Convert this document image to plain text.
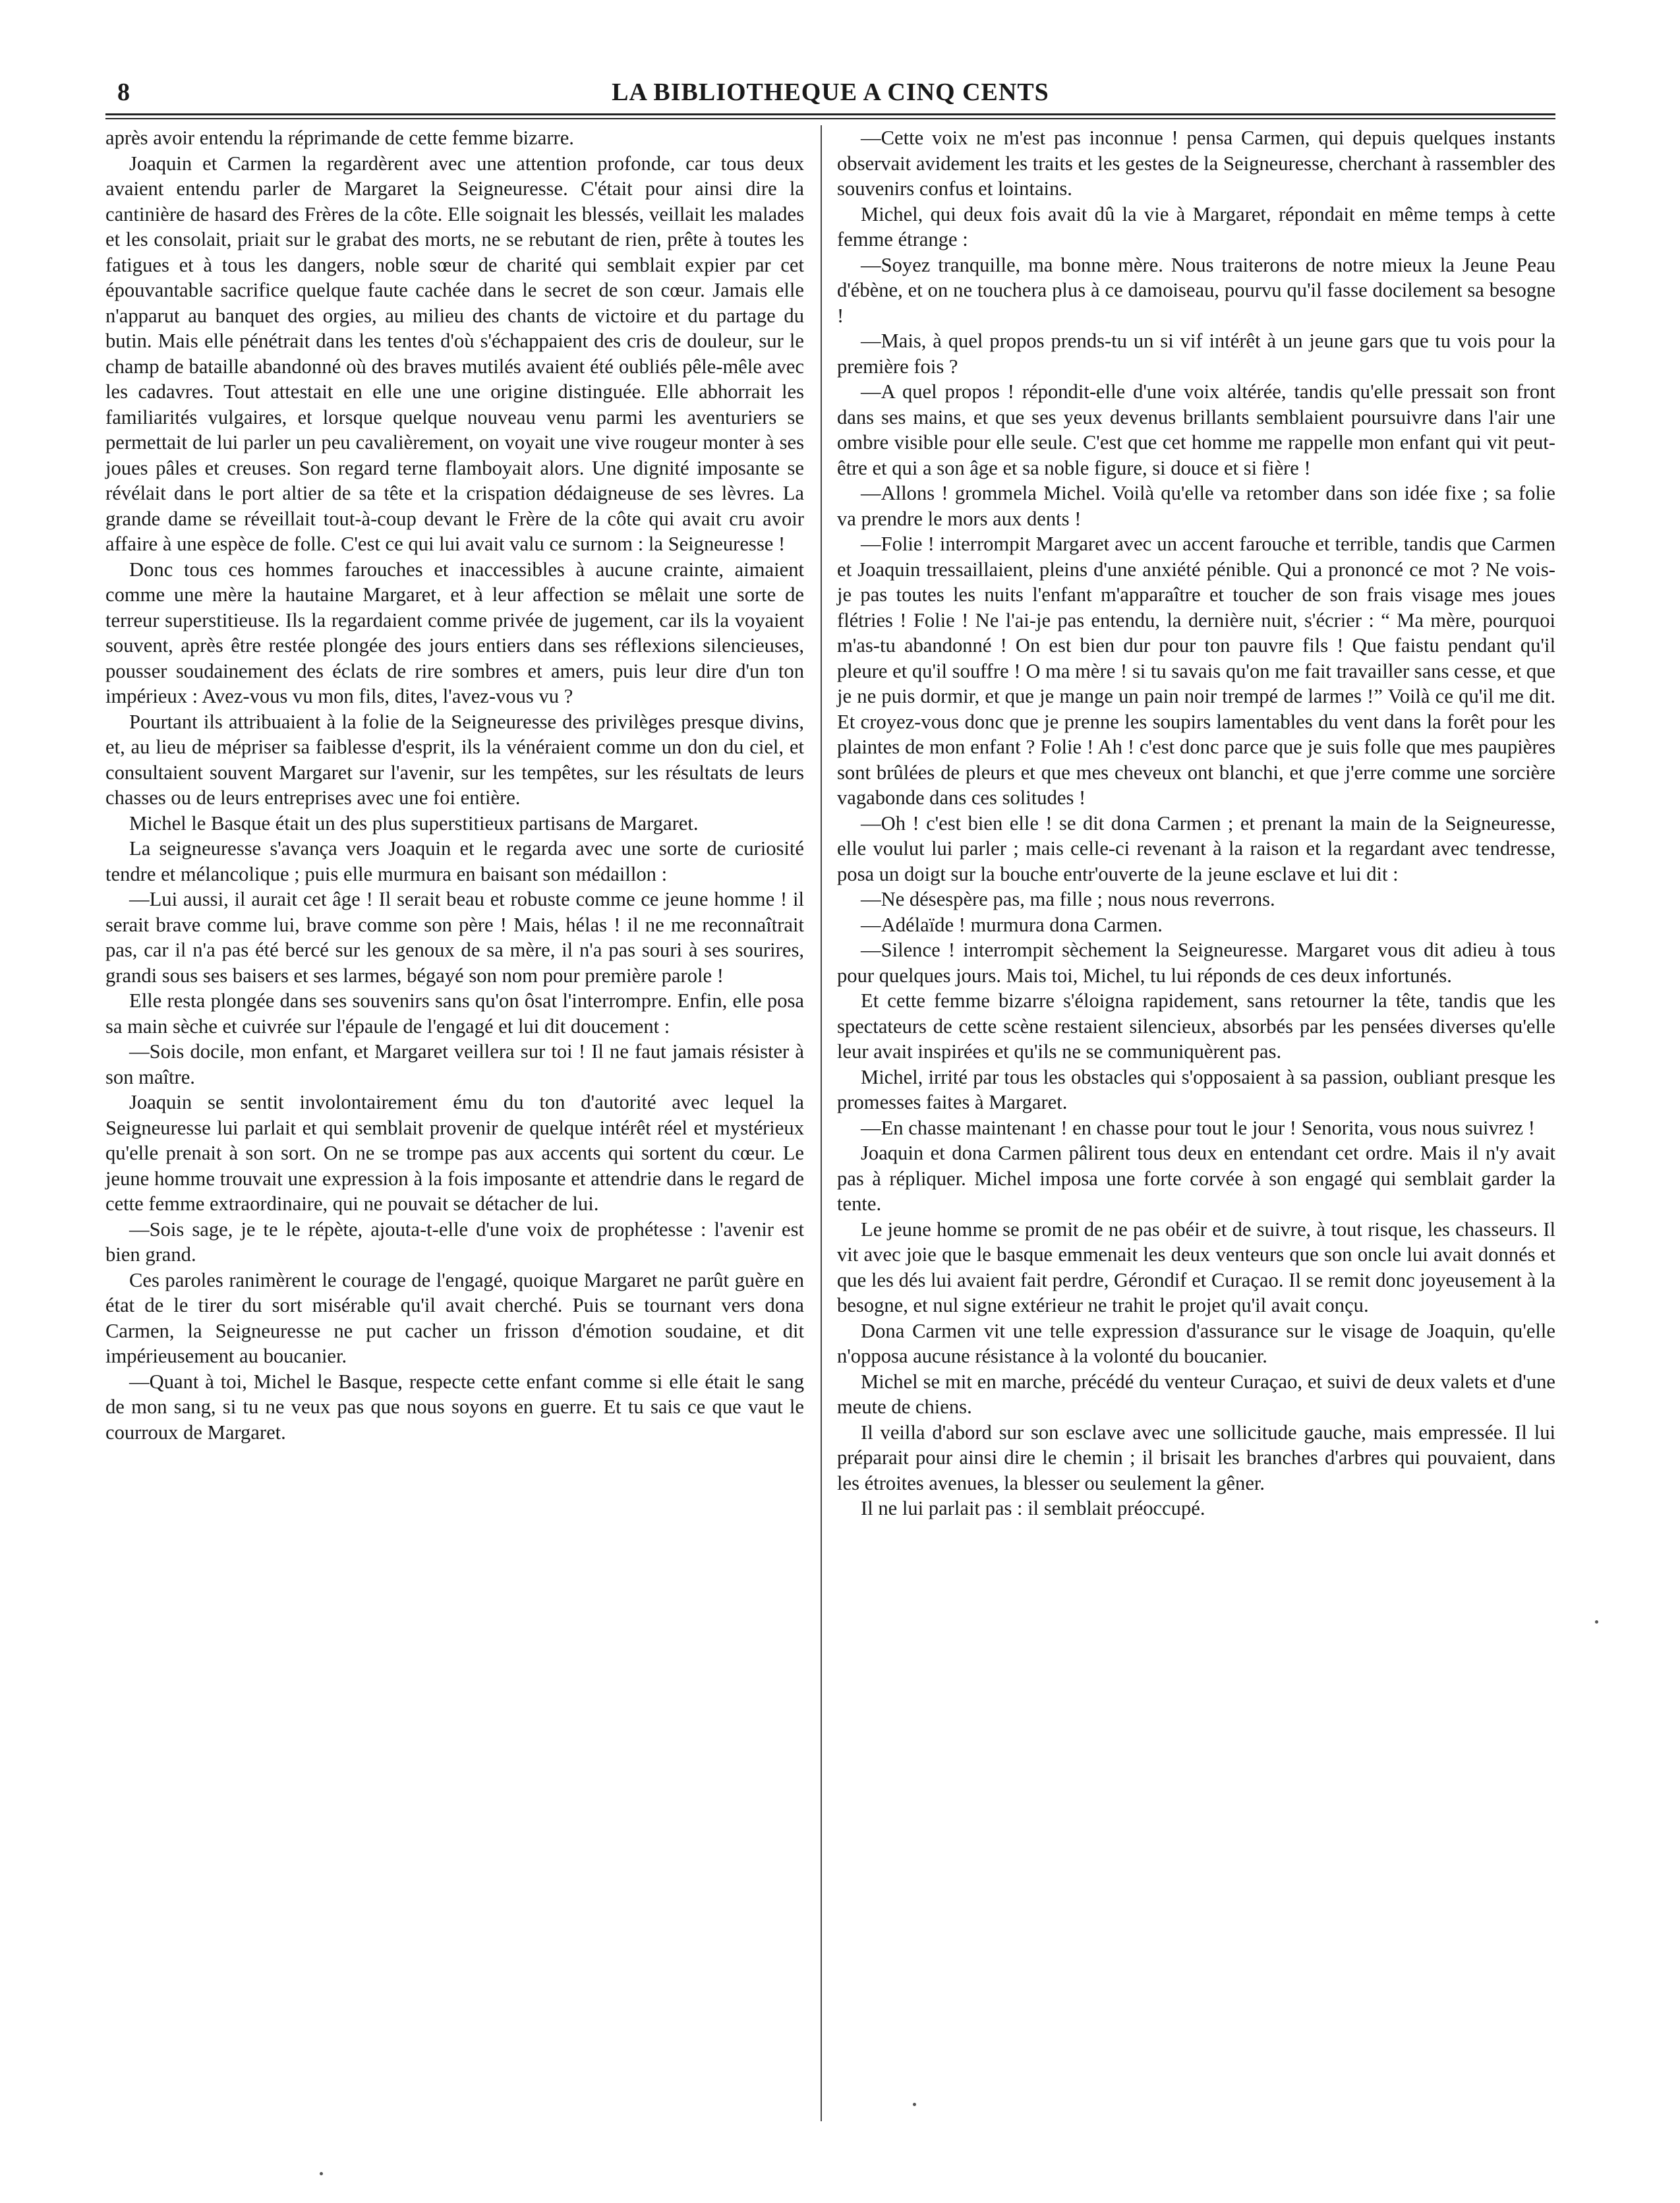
8	LA BIBLIOTHEQUE A CINQ CENTS

après avoir entendu la réprimande de cette femme bizarre.

Joaquin et Carmen la regardèrent avec une attention profonde, car tous deux avaient entendu parler de Margaret la Seigneuresse. C'était pour ainsi dire la cantinière de hasard des Frères de la côte. Elle soignait les blessés, veillait les malades et les consolait, priait sur le grabat des morts, ne se rebutant de rien, prête à toutes les fatigues et à tous les dangers, noble sœur de charité qui semblait expier par cet épouvantable sacrifice quelque faute cachée dans le secret de son cœur. Jamais elle n'apparut au banquet des orgies, au milieu des chants de victoire et du partage du butin. Mais elle pénétrait dans les tentes d'où s'échappaient des cris de douleur, sur le champ de bataille abandonné où des braves mutilés avaient été oubliés pêle-mêle avec les cadavres. Tout attestait en elle une une origine distinguée. Elle abhorrait les familiarités vulgaires, et lorsque quelque nouveau venu parmi les aventuriers se permettait de lui parler un peu cavalièrement, on voyait une vive rougeur monter à ses joues pâles et creuses. Son regard terne flamboyait alors. Une dignité imposante se révélait dans le port altier de sa tête et la crispation dédaigneuse de ses lèvres. La grande dame se réveillait tout-à-coup devant le Frère de la côte qui avait cru avoir affaire à une espèce de folle. C'est ce qui lui avait valu ce surnom : la Seigneuresse !

Donc tous ces hommes farouches et inaccessibles à aucune crainte, aimaient comme une mère la hautaine Margaret, et à leur affection se mêlait une sorte de terreur superstitieuse. Ils la regardaient comme privée de jugement, car ils la voyaient souvent, après être restée plongée des jours entiers dans ses réflexions silencieuses, pousser soudainement des éclats de rire sombres et amers, puis leur dire d'un ton impérieux : Avez-vous vu mon fils, dites, l'avez-vous vu ?

Pourtant ils attribuaient à la folie de la Seigneuresse des privilèges presque divins, et, au lieu de mépriser sa faiblesse d'esprit, ils la vénéraient comme un don du ciel, et consultaient souvent Margaret sur l'avenir, sur les tempêtes, sur les résultats de leurs chasses ou de leurs entreprises avec une foi entière.

Michel le Basque était un des plus superstitieux partisans de Margaret.

La seigneuresse s'avança vers Joaquin et le regarda avec une sorte de curiosité tendre et mélancolique ; puis elle murmura en baisant son médaillon :

—Lui aussi, il aurait cet âge ! Il serait beau et robuste comme ce jeune homme ! il serait brave comme lui, brave comme son père ! Mais, hélas ! il ne me reconnaîtrait pas, car il n'a pas été bercé sur les genoux de sa mère, il n'a pas souri à ses sourires, grandi sous ses baisers et ses larmes, bégayé son nom pour première parole !

Elle resta plongée dans ses souvenirs sans qu'on ôsat l'interrompre. Enfin, elle posa sa main sèche et cuivrée sur l'épaule de l'engagé et lui dit doucement :

—Sois docile, mon enfant, et Margaret veillera sur toi ! Il ne faut jamais résister à son maître.

Joaquin se sentit involontairement ému du ton d'autorité avec lequel la Seigneuresse lui parlait et qui semblait provenir de quelque intérêt réel et mystérieux qu'elle prenait à son sort. On ne se trompe pas aux accents qui sortent du cœur. Le jeune homme trouvait une expression à la fois imposante et attendrie dans le regard de cette femme extraordinaire, qui ne pouvait se détacher de lui.

—Sois sage, je te le répète, ajouta-t-elle d'une voix de prophétesse : l'avenir est bien grand.

Ces paroles ranimèrent le courage de l'engagé, quoique Margaret ne parût guère en état de le tirer du sort misérable qu'il avait cherché. Puis se tournant vers dona Carmen, la Seigneuresse ne put cacher un frisson d'émotion soudaine, et dit impérieusement au boucanier.

—Quant à toi, Michel le Basque, respecte cette enfant comme si elle était le sang de mon sang, si tu ne veux pas que nous soyons en guerre. Et tu sais ce que vaut le courroux de Margaret.

—Cette voix ne m'est pas inconnue ! pensa Carmen, qui depuis quelques instants observait avidement les traits et les gestes de la Seigneuresse, cherchant à rassembler des souvenirs confus et lointains.

Michel, qui deux fois avait dû la vie à Margaret, répondait en même temps à cette femme étrange :

—Soyez tranquille, ma bonne mère. Nous traiterons de notre mieux la Jeune Peau d'ébène, et on ne touchera plus à ce damoiseau, pourvu qu'il fasse docilement sa besogne !

—Mais, à quel propos prends-tu un si vif intérêt à un jeune gars que tu vois pour la première fois ?

—A quel propos ! répondit-elle d'une voix altérée, tandis qu'elle pressait son front dans ses mains, et que ses yeux devenus brillants semblaient poursuivre dans l'air une ombre visible pour elle seule. C'est que cet homme me rappelle mon enfant qui vit peut-être et qui a son âge et sa noble figure, si douce et si fière !

—Allons ! grommela Michel. Voilà qu'elle va retomber dans son idée fixe ; sa folie va prendre le mors aux dents !

—Folie ! interrompit Margaret avec un accent farouche et terrible, tandis que Carmen et Joaquin tressaillaient, pleins d'une anxiété pénible. Qui a prononcé ce mot ? Ne vois-je pas toutes les nuits l'enfant m'apparaître et toucher de son frais visage mes joues flétries ! Folie ! Ne l'ai-je pas entendu, la dernière nuit, s'écrier : “ Ma mère, pourquoi m'as-tu abandonné ! On est bien dur pour ton pauvre fils ! Que faistu pendant qu'il pleure et qu'il souffre ! O ma mère ! si tu savais qu'on me fait travailler sans cesse, et que je ne puis dormir, et que je mange un pain noir trempé de larmes !” Voilà ce qu'il me dit. Et croyez-vous donc que je prenne les soupirs lamentables du vent dans la forêt pour les plaintes de mon enfant ? Folie ! Ah ! c'est donc parce que je suis folle que mes paupières sont brûlées de pleurs et que mes cheveux ont blanchi, et que j'erre comme une sorcière vagabonde dans ces solitudes !

—Oh ! c'est bien elle ! se dit dona Carmen ; et prenant la main de la Seigneuresse, elle voulut lui parler ; mais celle-ci revenant à la raison et la regardant avec tendresse, posa un doigt sur la bouche entr'ouverte de la jeune esclave et lui dit :

—Ne désespère pas, ma fille ; nous nous reverrons.

—Adélaïde ! murmura dona Carmen.

—Silence ! interrompit sèchement la Seigneuresse. Margaret vous dit adieu à tous pour quelques jours. Mais toi, Michel, tu lui réponds de ces deux infortunés.

Et cette femme bizarre s'éloigna rapidement, sans retourner la tête, tandis que les spectateurs de cette scène restaient silencieux, absorbés par les pensées diverses qu'elle leur avait inspirées et qu'ils ne se communiquèrent pas.

Michel, irrité par tous les obstacles qui s'opposaient à sa passion, oubliant presque les promesses faites à Margaret.

—En chasse maintenant ! en chasse pour tout le jour ! Senorita, vous nous suivrez !

Joaquin et dona Carmen pâlirent tous deux en entendant cet ordre. Mais il n'y avait pas à répliquer. Michel imposa une forte corvée à son engagé qui semblait garder la tente.

Le jeune homme se promit de ne pas obéir et de suivre, à tout risque, les chasseurs. Il vit avec joie que le basque emmenait les deux venteurs que son oncle lui avait donnés et que les dés lui avaient fait perdre, Gérondif et Curaçao. Il se remit donc joyeusement à la besogne, et nul signe extérieur ne trahit le projet qu'il avait conçu.

Dona Carmen vit une telle expression d'assurance sur le visage de Joaquin, qu'elle n'opposa aucune résistance à la volonté du boucanier.

Michel se mit en marche, précédé du venteur Curaçao, et suivi de deux valets et d'une meute de chiens.

Il veilla d'abord sur son esclave avec une sollicitude gauche, mais empressée. Il lui préparait pour ainsi dire le chemin ; il brisait les branches d'arbres qui pouvaient, dans les étroites avenues, la blesser ou seulement la gêner.

Il ne lui parlait pas : il semblait préoccupé.
